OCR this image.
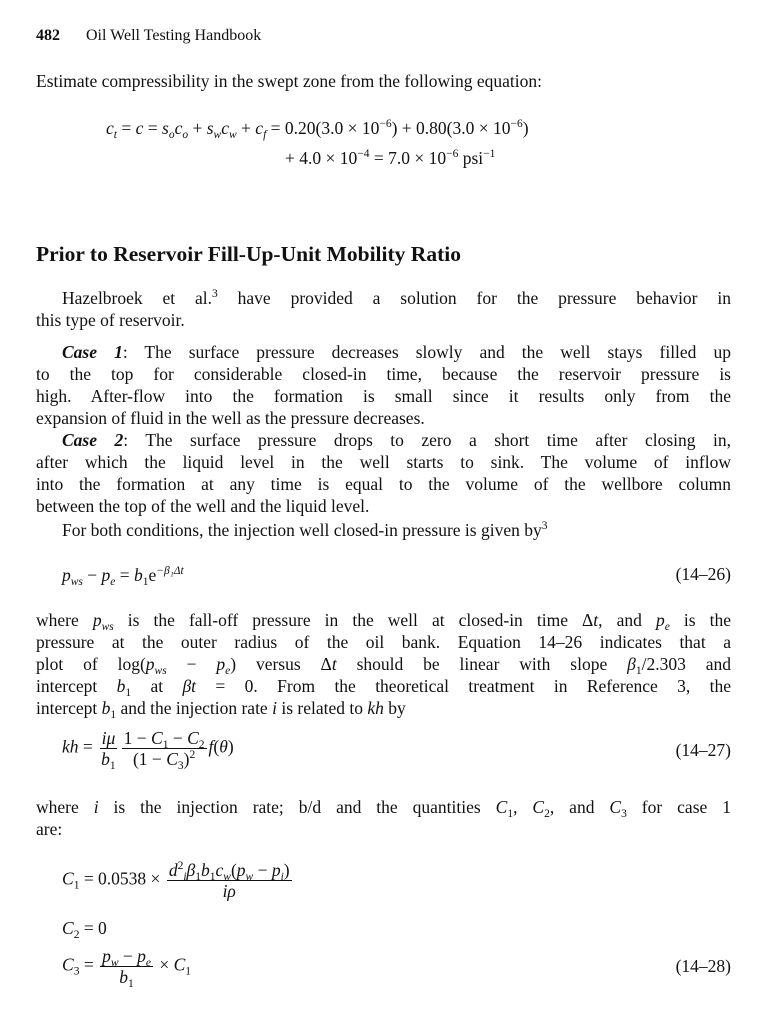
482 Oil Well Testing Handbook
Prior to Reservoir Fill-Up-Unit Mobility Ratio
Estimate compressibility in the swept zone from the following equation:
$c_t = c = s_oc_o + s_wc_w + c_f = 0.20(3.0 \times 10^{-6}) + 0.80(3.0 \times 10^{-6})$
+ $4.0 \times 10^{-4} = 7.0 \times 10^{-6}$ psi$^{-1}$
Hazelbroek et al.$^3$ have provided a solution for the pressure behavior in
this type of reservoir.
Case 1: The surface pressure decreases slowly and the well stays filled up
to the top for considerable closed-in time, because the reservoir pressure is
high. After-flow into the formation is small since it results only from the
expansion of fluid in the well as the pressure decreases.
Case 2: The surface pressure drops to zero a short time after closing in,
after which the liquid level in the well starts to sink. The volume of inflow
into the formation at any time is equal to the volume of the wellbore column
between the top of the well and the liquid level.
For both conditions, the injection well closed-in pressure is given $by^3$
$p_{ws} - p_e = b_1e^{-\beta_1\Delta t}$
where $p_{ws}$ is the fall-off pressure in the well at closed-in time Δt, and $p_e$ is the
pressure at the outer radius of the oil bank. Equation 14–26 indicates that a
plot of $\log(p_{ws} - p_e)$ versus Δt should be linear with slope $\beta_1/2.303$ and
intercept $b_1$ at βt = 0. From the theoretical treatment in Reference 3, the
intercept $b_1$ and the injection rate i is related to kh by
kh = $\frac{i\mu}{b_1} \frac{1 - C_1 - C_2}{(1 - C_3)^2} f(\theta)$
where i is the injection rate; b/d and the quantities $C_1$, $C_2$, and $C_3$ for case 1
are:
$C_1 = 0.0538 \times \frac{d^2_i\beta_1b_1c_w(p_w - p_i)}{i\rho}$
$C_2 = 0$
$C_3 = \frac{p_w - p_e}{b_1} \times C_1$
(14–26)
(14–27)
(14–28)
